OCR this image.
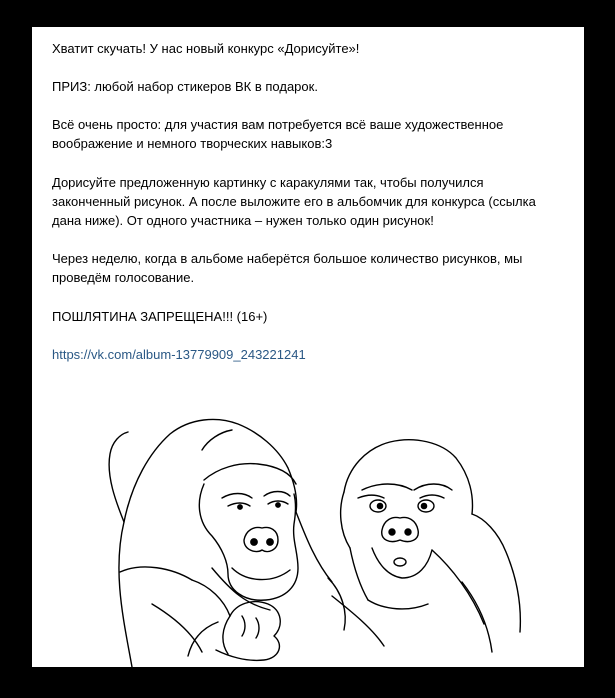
Хватит скучать! У нас новый конкурс «Дорисуйте»!

ПРИЗ: любой набор стикеров ВК в подарок.

Всё очень просто: для участия вам потребуется всё ваше художественное
воображение и немного творческих навыков:3

Дорисуйте предложенную картинку с каракулями так, чтобы получился
законченный рисунок. А после выложите его в альбомчик для конкурса (ссылка
дана ниже). От одного участника – нужен только один рисунок!

Через неделю, когда в альбоме наберётся большое количество рисунков, мы
проведём голосование.

ПОШЛЯТИНА ЗАПРЕЩЕНА!!! (16+)

https://vk.com/album-13779909_243221241
